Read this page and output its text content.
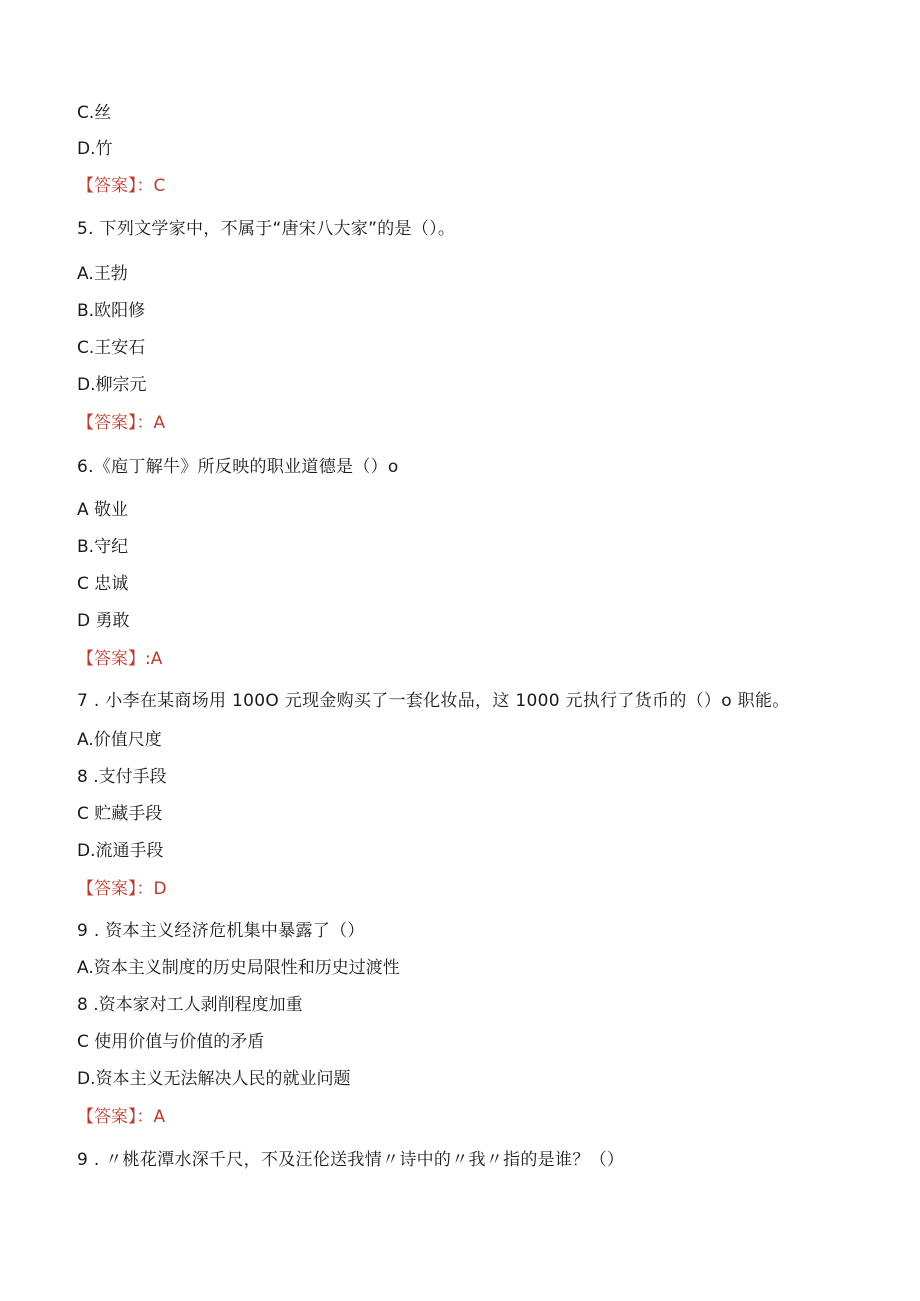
C.丝
D.竹
【答案】：C
5. 下列文学家中，不属于“唐宋八大家”的是（）。
A.王勃
B.欧阳修
C.王安石
D.柳宗元
【答案】：A
6.《庖丁解牛》所反映的职业道德是（）o
A 敬业
B.守纪
C 忠诚
D 勇敢
【答案】:A
7 . 小李在某商场用 100O 元现金购买了一套化妆品，这 1000 元执行了货币的（）o 职能。
A.价值尺度
8 .支付手段
C 贮藏手段
D.流通手段
【答案】：D
9 . 资本主义经济危机集中暴露了（）
A.资本主义制度的历史局限性和历史过渡性
8 .资本家对工人剥削程度加重
C 使用价值与价值的矛盾
D.资本主义无法解决人民的就业问题
【答案】：A
9 . 〃桃花潭水深千尺，不及汪伦送我情〃诗中的〃我〃指的是谁？（）
